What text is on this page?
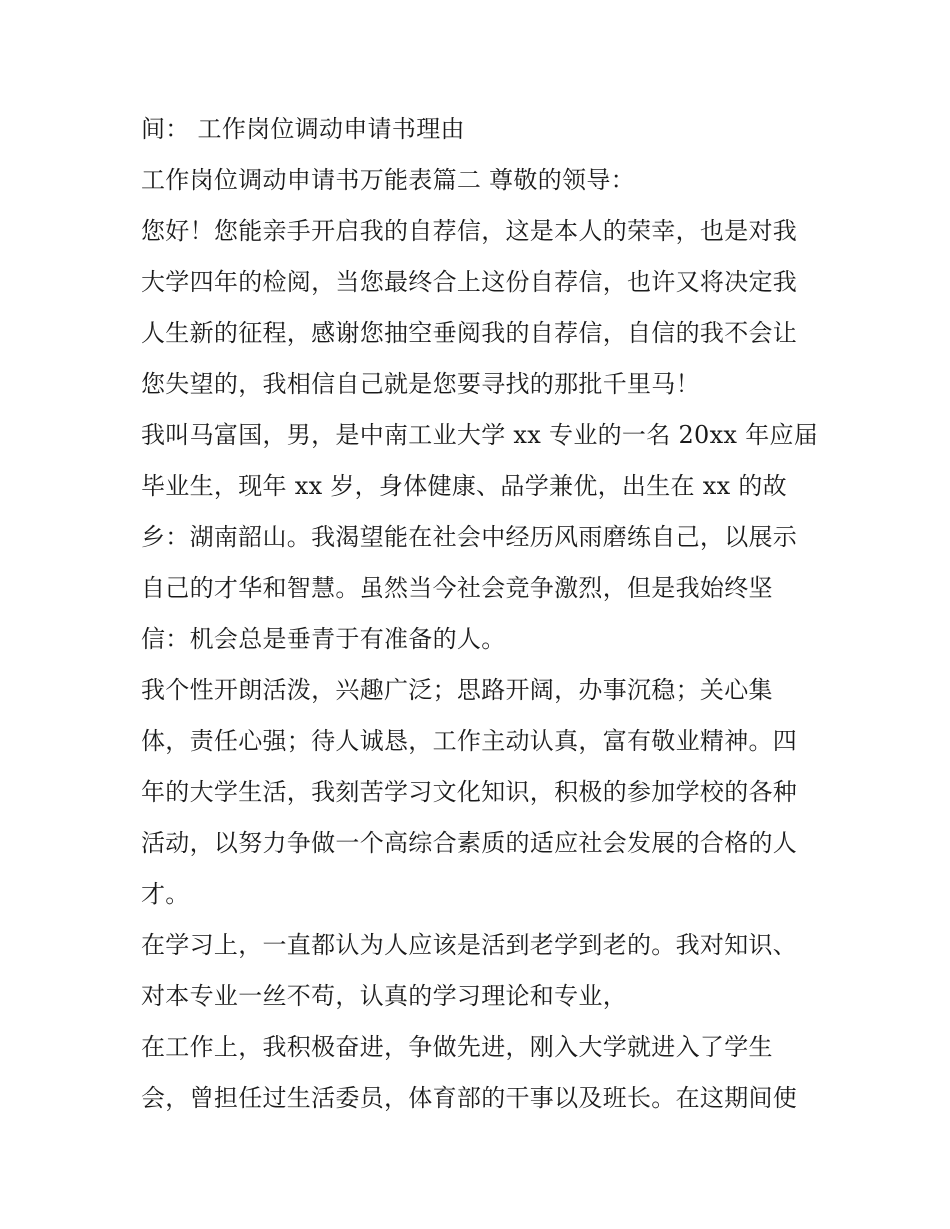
间： 工作岗位调动申请书理由
工作岗位调动申请书万能表篇二 尊敬的领导：
您好！您能亲手开启我的自荐信，这是本人的荣幸，也是对我
大学四年的检阅，当您最终合上这份自荐信，也许又将决定我
人生新的征程，感谢您抽空垂阅我的自荐信，自信的我不会让
您失望的，我相信自己就是您要寻找的那批千里马！
我叫马富国，男，是中南工业大学 xx 专业的一名 20xx 年应届
毕业生，现年 xx 岁，身体健康、品学兼优，出生在 xx 的故
乡：湖南韶山。我渴望能在社会中经历风雨磨练自己，以展示
自己的才华和智慧。虽然当今社会竞争激烈，但是我始终坚
信：机会总是垂青于有准备的人。
我个性开朗活泼，兴趣广泛；思路开阔，办事沉稳；关心集
体，责任心强；待人诚恳，工作主动认真，富有敬业精神。四
年的大学生活，我刻苦学习文化知识，积极的参加学校的各种
活动，以努力争做一个高综合素质的适应社会发展的合格的人
才。
在学习上，一直都认为人应该是活到老学到老的。我对知识、
对本专业一丝不苟，认真的学习理论和专业，
在工作上，我积极奋进，争做先进，刚入大学就进入了学生
会，曾担任过生活委员，体育部的干事以及班长。在这期间使
